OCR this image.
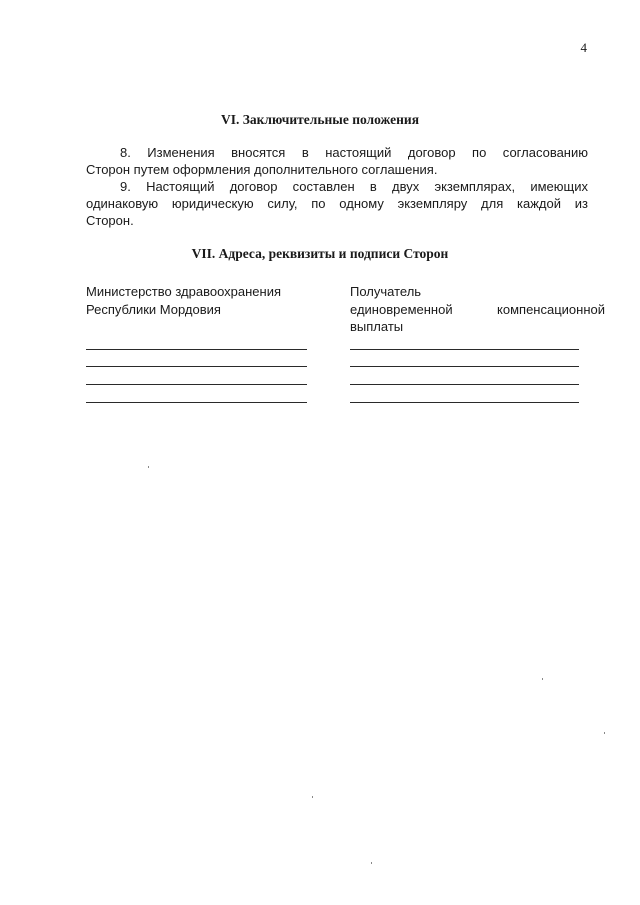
4
VI. Заключительные положения
8. Изменения вносятся в настоящий договор по согласованию
Сторон путем оформления дополнительного соглашения.
9. Настоящий договор составлен в двух экземплярах, имеющих
одинаковую юридическую силу, по одному экземпляру для каждой из
Сторон.
VII. Адреса, реквизиты и подписи Сторон
Министерство здравоохранения
Республики Мордовия
Получатель
единовременной компенсационной
выплаты
